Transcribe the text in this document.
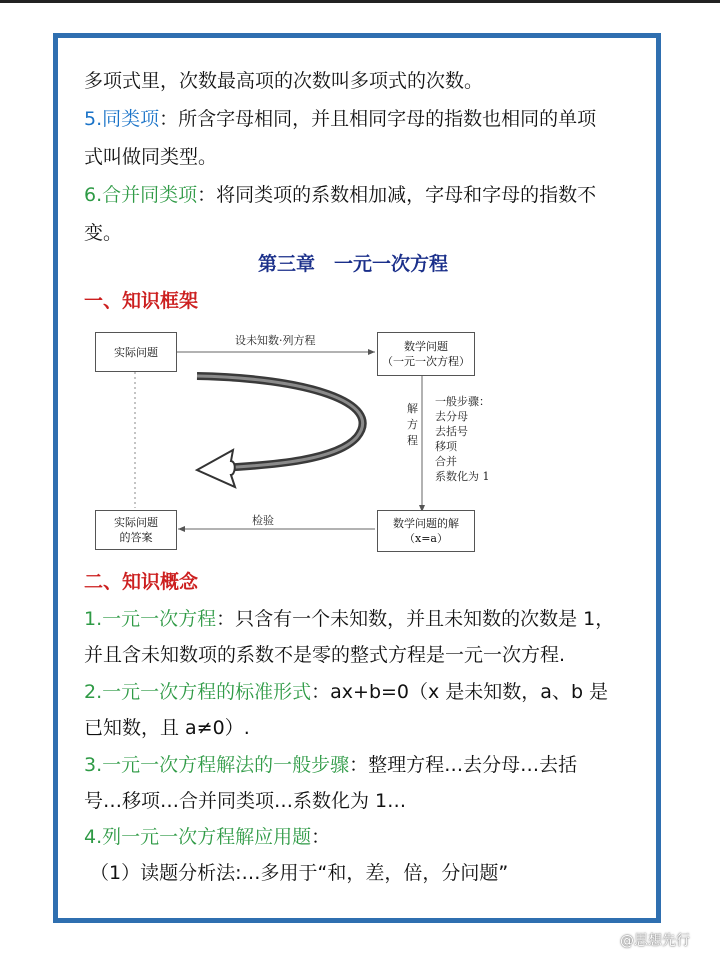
多项式里，次数最高项的次数叫多项式的次数。
5.同类项：所含字母相同，并且相同字母的指数也相同的单项
式叫做同类型。
6.合并同类项：将同类项的系数相加减，字母和字母的指数不
变。
第三章　一元一次方程
一、知识框架
实际问题	数学问题
（一元一次方程）
实际问题
的答案
数学问题的解
（x=a）
设未知数·列方程
检验
解
方
程
一般步骤：
去分母
去括号
移项
合并
系数化为 1
二、知识概念
1.一元一次方程：只含有一个未知数，并且未知数的次数是 1，
并且含未知数项的系数不是零的整式方程是一元一次方程.
2.一元一次方程的标准形式：ax+b=0（x 是未知数，a、b 是
已知数，且 a≠0）.
3.一元一次方程解法的一般步骤：整理方程…去分母…去括
号…移项…合并同类项…系数化为 1…
4.列一元一次方程解应用题：
（1）读题分析法:…多用于“和，差，倍，分问题”
@思想先行
